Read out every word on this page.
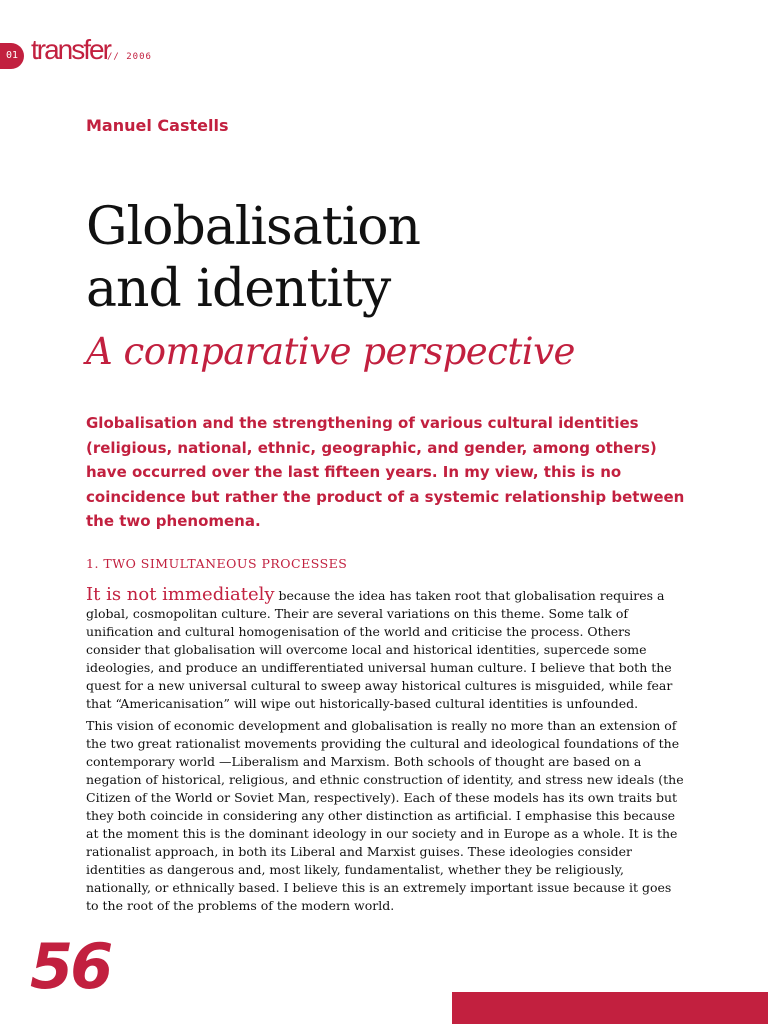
01 transfer
// 2006
Manuel Castells
Globalisation
and identity
A comparative perspective

Globalisation and the strengthening of various cultural identities (religious, national, ethnic, geographic, and gender, among others) have occurred over the last fifteen years. In my view, this is no coincidence but rather the product of a systemic relationship between the two phenomena.

1. TWO SIMULTANEOUS PROCESSES

It is not immediately because the idea has taken root that globalisation requires a global, cosmopolitan culture. Their are several variations on this theme. Some talk of unification and cultural homogenisation of the world and criticise the process. Others consider that globalisation will overcome local and historical identities, supercede some ideologies, and produce an undifferentiated universal human culture. I believe that both the quest for a new universal cultural to sweep away historical cultures is misguided, while fear that “Americanisation” will wipe out historically-based cultural identities is unfounded.

This vision of economic development and globalisation is really no more than an extension of the two great rationalist movements providing the cultural and ideological foundations of the contemporary world —Liberalism and Marxism. Both schools of thought are based on a negation of historical, religious, and ethnic construction of identity, and stress new ideals (the Citizen of the World or Soviet Man, respectively). Each of these models has its own traits but they both coincide in considering any other distinction as artificial. I emphasise this because at the moment this is the dominant ideology in our society and in Europe as a whole. It is the rationalist approach, in both its Liberal and Marxist guises. These ideologies consider identities as dangerous and, most likely, fundamentalist, whether they be religiously, nationally, or ethnically based. I believe this is an extremely important issue because it goes to the root of the problems of the modern world.

56
